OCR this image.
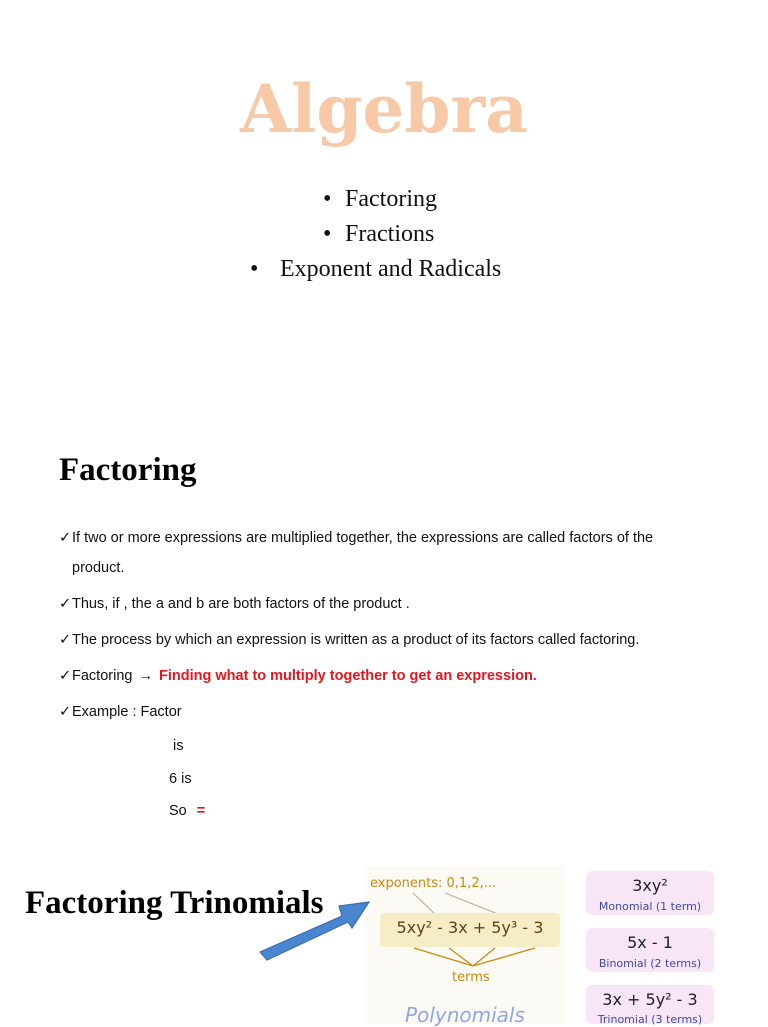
Algebra
• Factoring
• Fractions
• Exponent and Radicals
Factoring
✓If two or more expressions are multiplied together, the expressions are called factors of the
product.
✓Thus, if , the a and b are both factors of the product .
✓The process by which an expression is written as a product of its factors called factoring.
✓Factoring → Finding what to multiply together to get an expression.
✓Example : Factor
is
6 is
So =
exponents: 0,1,2,...
5xy² - 3x + 5y³ - 3
terms
Polynomials
3xy²
Monomial (1 term)
5x - 1
Binomial (2 terms)
3x + 5y² - 3
Trinomial (3 terms)
Factoring Trinomials
